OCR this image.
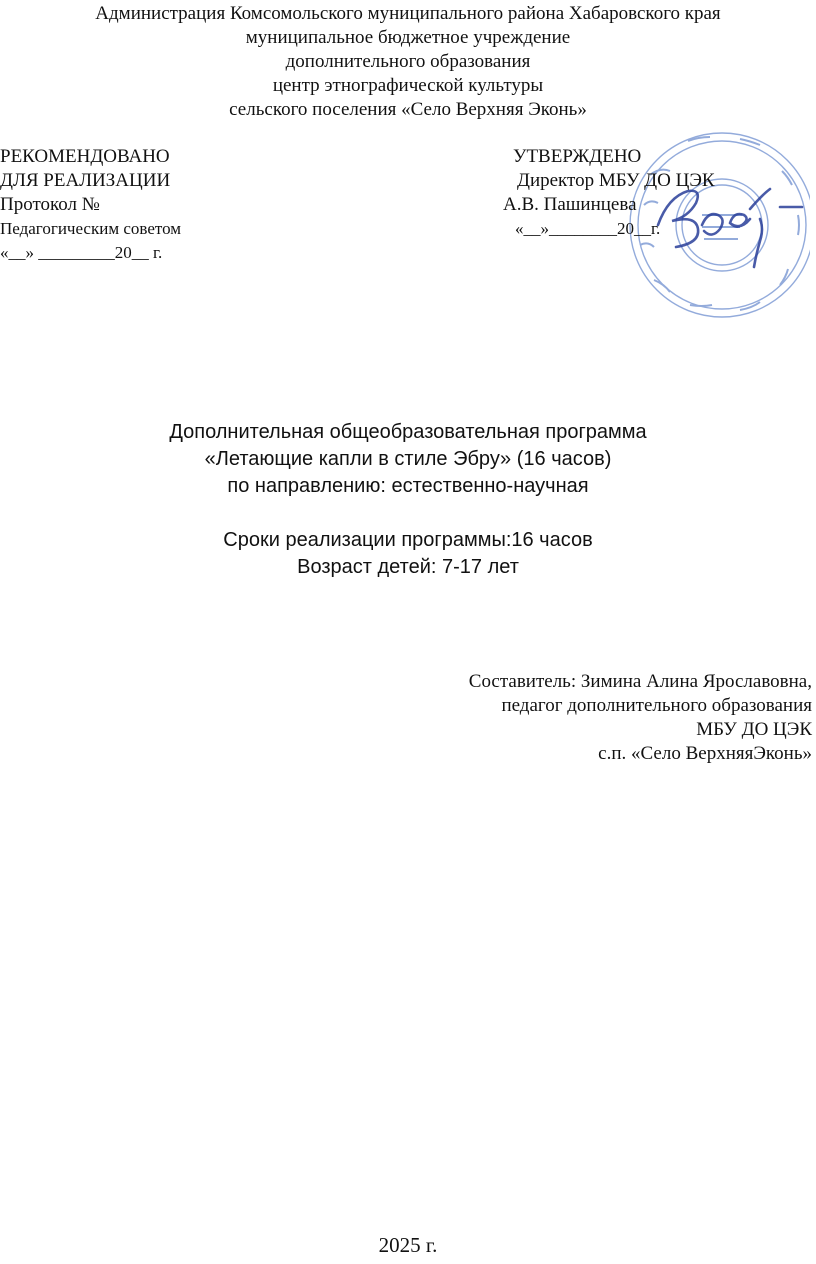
Администрация Комсомольского муниципального района Хабаровского края
муниципальное бюджетное учреждение
дополнительного образования
центр этнографической культуры
сельского поселения «Село Верхняя Эконь»
РЕКОМЕНДОВАНО
ДЛЯ РЕАЛИЗАЦИИ
Протокол №
Педагогическим советом
«__» _________20__ г.
УТВЕРЖДЕНО
Директор МБУ ДО ЦЭК
А.В. Пашинцева
«__»________20__г.
Дополнительная общеобразовательная программа
«Летающие капли в стиле Эбру» (16 часов)
по направлению: естественно-научная
Сроки реализации программы:16 часов
Возраст детей: 7-17 лет
Составитель: Зимина Алина Ярославовна,
педагог дополнительного образования
МБУ ДО ЦЭК
с.п. «Село ВерхняяЭконь»
2025 г.
